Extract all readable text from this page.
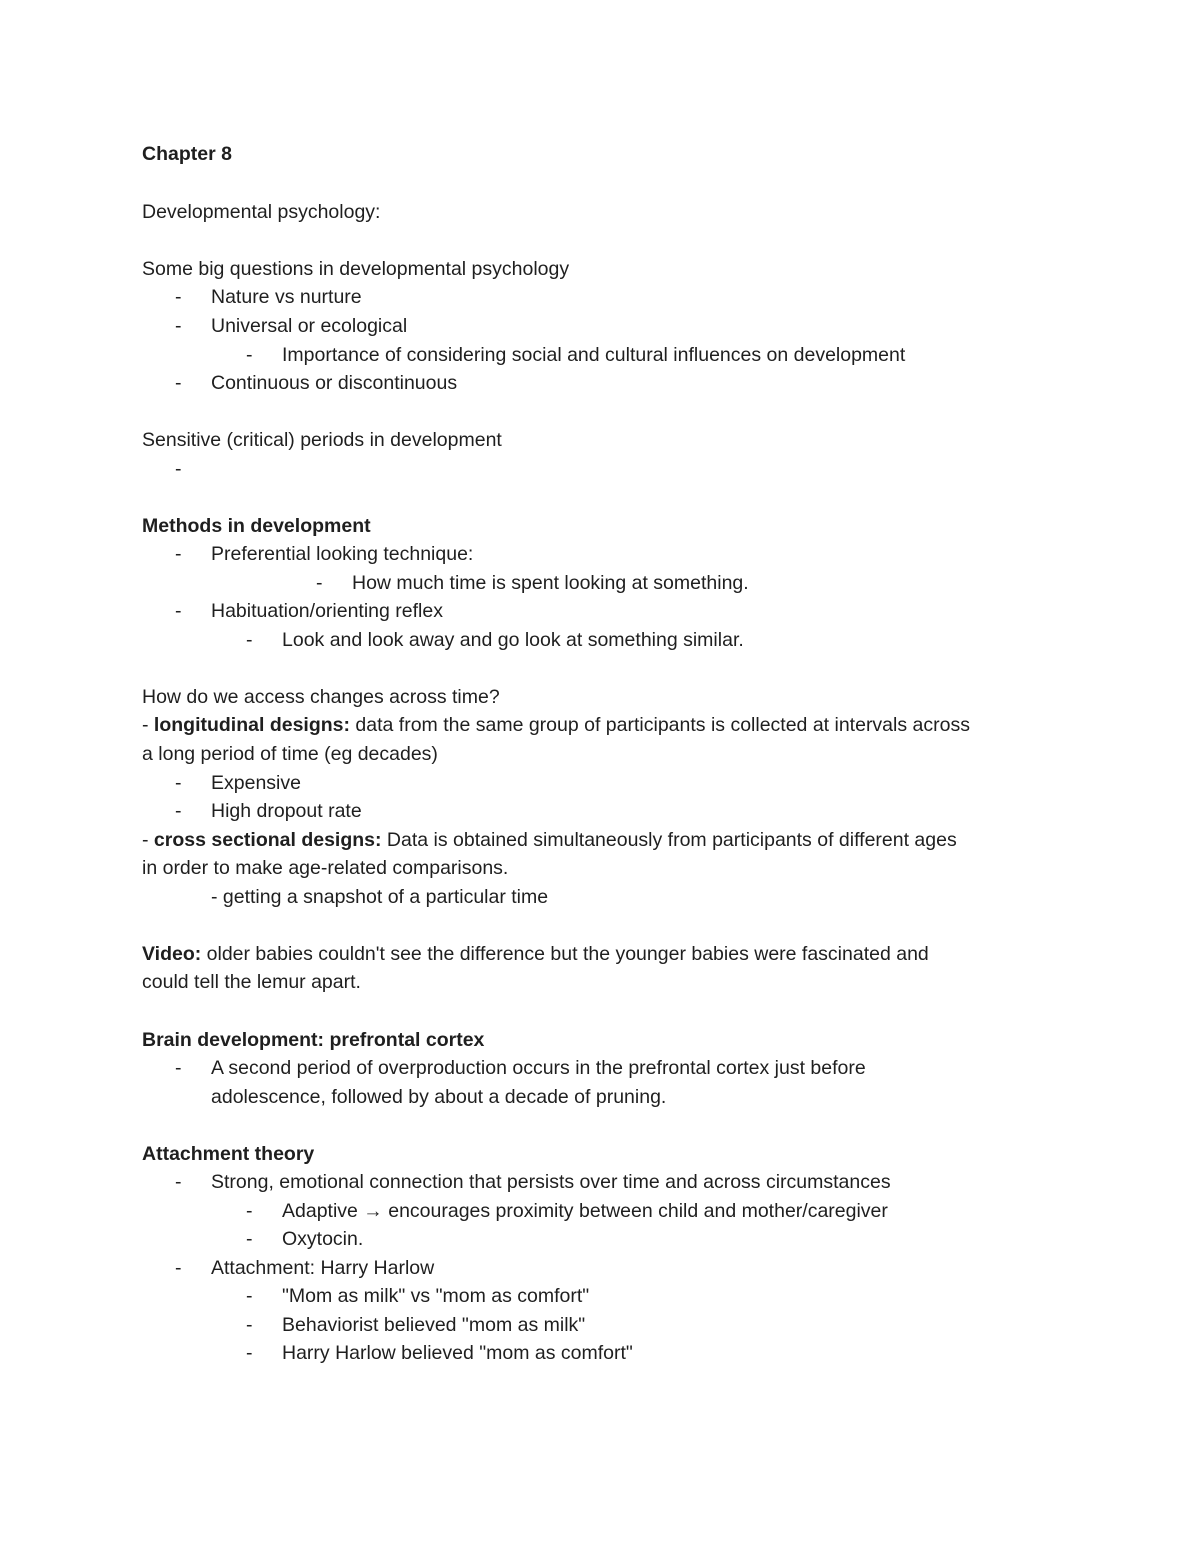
Chapter 8
Developmental psychology:
Some big questions in developmental psychology
- Nature vs nurture
- Universal or ecological
- Importance of considering social and cultural influences on development
- Continuous or discontinuous
Sensitive (critical) periods in development
-
Methods in development
- Preferential looking technique:
- How much time is spent looking at something.
- Habituation/orienting reflex
- Look and look away and go look at something similar.
How do we access changes across time?
- longitudinal designs: data from the same group of participants is collected at intervals across
a long period of time (eg decades)
- Expensive
- High dropout rate
- cross sectional designs: Data is obtained simultaneously from participants of different ages
in order to make age-related comparisons.
- getting a snapshot of a particular time
Video: older babies couldn't see the difference but the younger babies were fascinated and
could tell the lemur apart.
Brain development: prefrontal cortex
- A second period of overproduction occurs in the prefrontal cortex just before
adolescence, followed by about a decade of pruning.
Attachment theory
- Strong, emotional connection that persists over time and across circumstances
- Adaptive → encourages proximity between child and mother/caregiver
- Oxytocin.
- Attachment: Harry Harlow
- "Mom as milk" vs "mom as comfort"
- Behaviorist believed "mom as milk"
- Harry Harlow believed "mom as comfort"
